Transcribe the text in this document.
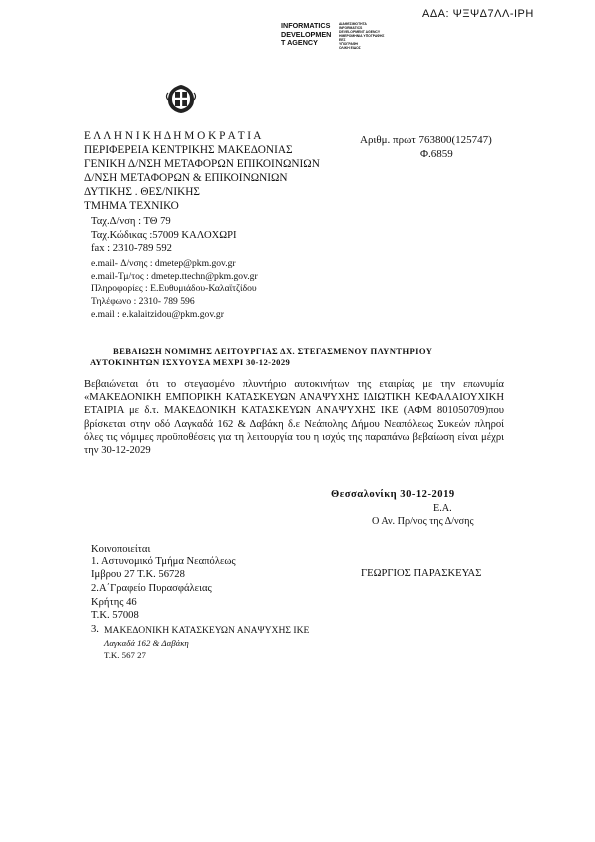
ΑΔΑ: ΨΞΨΔ7ΛΛ-ΙΡΗ
INFORMATICS
DEVELOPMEN
T AGENCY
ΔΙΑΘΕΣΙΜΟΤΗΤΑ
INFORMATICS
DEVELOPMENT AGENCY
ΗΜΕΡΟΜΗΝΙΑ ΥΠΟΓΡΑΦΗΣ
ΕΕΣ
ΥΠΟΓΡΑΦΗ
ΟΛΙΚΗ ΕΙΔΟΣ
Ε Λ Λ Η Ν Ι Κ Η Δ Η Μ Ο Κ Ρ Α Τ Ι Α
ΠΕΡΙΦΕΡΕΙΑ ΚΕΝΤΡΙΚΗΣ ΜΑΚΕΔΟΝΙΑΣ
ΓΕΝΙΚΗ Δ/ΝΣΗ ΜΕΤΑΦΟΡΩΝ ΕΠΙΚΟΙΝΩΝΙΩΝ
Δ/ΝΣΗ ΜΕΤΑΦΟΡΩΝ & ΕΠΙΚΟΙΝΩΝΙΩΝ
ΔΥΤΙΚΗΣ . ΘΕΣ/ΝΙΚΗΣ
ΤΜΗΜΑ ΤΕΧΝΙΚΟ
Αριθμ. πρωτ 763800(125747)
Φ.6859
Ταχ.Δ/νση : ΤΘ 79
Ταχ.Κώδικας :57009 ΚΑΛΟΧΩΡΙ
fax : 2310-789 592
e.mail- Δ/νσης : dmetep@pkm.gov.gr
e.mail-Τμ/τος : dmetep.ttechn@pkm.gov.gr
Πληροφορίες : Ε.Ευθυμιάδου-Καλαϊτζίδου
Τηλέφωνο : 2310- 789 596
e.mail : e.kalaitzidou@pkm.gov.gr
ΒΕΒΑΙΩΣΗ ΝΟΜΙΜΗΣ ΛΕΙΤΟΥΡΓΙΑΣ ΔΧ. ΣΤΕΓΑΣΜΕΝΟΥ ΠΛΥΝΤΗΡΙΟΥ
ΑΥΤΟΚΙΝΗΤΩΝ ΙΣΧΥΟΥΣΑ ΜΕΧΡΙ 30-12-2029

Βεβαιώνεται ότι το στεγασμένο πλυντήριο αυτοκινήτων της εταιρίας με την επωνυμία «ΜΑΚΕΔΟΝΙΚΗ ΕΜΠΟΡΙΚΗ ΚΑΤΑΣΚΕΥΩΝ ΑΝΑΨΥΧΗΣ ΙΔΙΩΤΙΚΗ ΚΕΦΑΛΑΙΟΥΧΙΚΗ ΕΤΑΙΡΙΑ με δ.τ. ΜΑΚΕΔΟΝΙΚΗ ΚΑΤΑΣΚΕΥΩΝ ΑΝΑΨΥΧΗΣ ΙΚΕ (ΑΦΜ 801050709)που βρίσκεται στην οδό Λαγκαδά 162 & Δαβάκη δ.ε Νεάπολης Δήμου Νεαπόλεως Συκεών πληροί όλες τις νόμιμες προϋποθέσεις για τη λειτουργία του η ισχύς της παραπάνω βεβαίωση είναι μέχρι την 30-12-2029

Θεσσαλονίκη 30-12-2019
Ε.Α.
Ο Αν. Πρ/νος της Δ/νσης
ΓΕΩΡΓΙΟΣ ΠΑΡΑΣΚΕΥΑΣ
Κοινοποιείται
1. Αστυνομικό Τμήμα Νεαπόλεως
Ιμβρου 27 Τ.Κ. 56728
2.Α΄Γραφείο Πυρασφάλειας
Κρήτης 46
Τ.Κ. 57008
3. ΜΑΚΕΔΟΝΙΚΗ ΚΑΤΑΣΚΕΥΩΝ ΑΝΑΨΥΧΗΣ ΙΚΕ
Λαγκαδά 162 & Δαβάκη
Τ.Κ. 567 27
